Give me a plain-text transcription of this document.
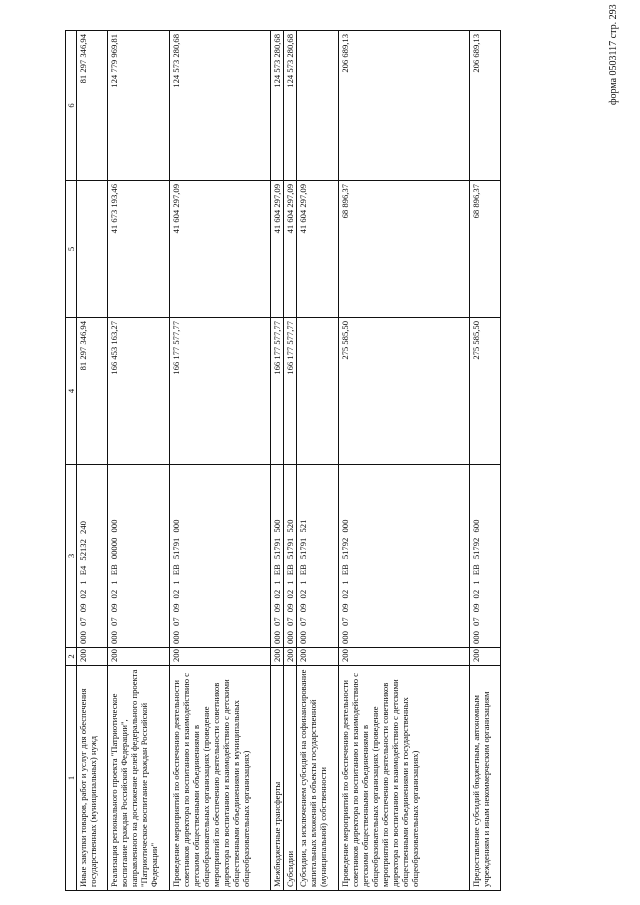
форма 0503117 стр. 293
1	2	3	4	5	6
Иные закупки товаров, работ и услуг для обеспечения государственных (муниципальных) нужд	200	000 07 09 02 1 Е4 52132 240	81 297 346,94		81 297 346,94
Реализация регионального проекта "Патриотическое воспитание граждан Российской Федерации", направленного на достижение целей федерального проекта "Патриотическое воспитание граждан Российской Федерации"	200	000 07 09 02 1 ЕВ 00000 000	166 453 163,27	41 673 193,46	124 779 969,81
Проведение мероприятий по обеспечению деятельности советников директора по воспитанию и взаимодействию с детскими общественными объединениями в общеобразовательных организациях (проведение мероприятий по обеспечению деятельности советников директора по воспитанию и взаимодействию с детскими общественными объединениями в муниципальных общеобразовательных организациях)	200	000 07 09 02 1 ЕВ 51791 000	166 177 577,77	41 604 297,09	124 573 280,68
Межбюджетные трансферты	200	000 07 09 02 1 ЕВ 51791 500	166 177 577,77	41 604 297,09	124 573 280,68
Субсидии	200	000 07 09 02 1 ЕВ 51791 520	166 177 577,77	41 604 297,09	124 573 280,68
Субсидии, за исключением субсидий на софинансирование капитальных вложений в объекты государственной (муниципальной) собственности	200	000 07 09 02 1 ЕВ 51791 521		41 604 297,09	
Проведение мероприятий по обеспечению деятельности советников директора по воспитанию и взаимодействию с детскими общественными объединениями в общеобразовательных организациях (проведение мероприятий по обеспечению деятельности советников директора по воспитанию и взаимодействию с детскими общественными объединениями в государственных общеобразовательных организациях)	200	000 07 09 02 1 ЕВ 51792 000	275 585,50	68 896,37	206 689,13
Предоставление субсидий бюджетным, автономным учреждениям и иным некоммерческим организациям	200	000 07 09 02 1 ЕВ 51792 600	275 585,50	68 896,37	206 689,13
